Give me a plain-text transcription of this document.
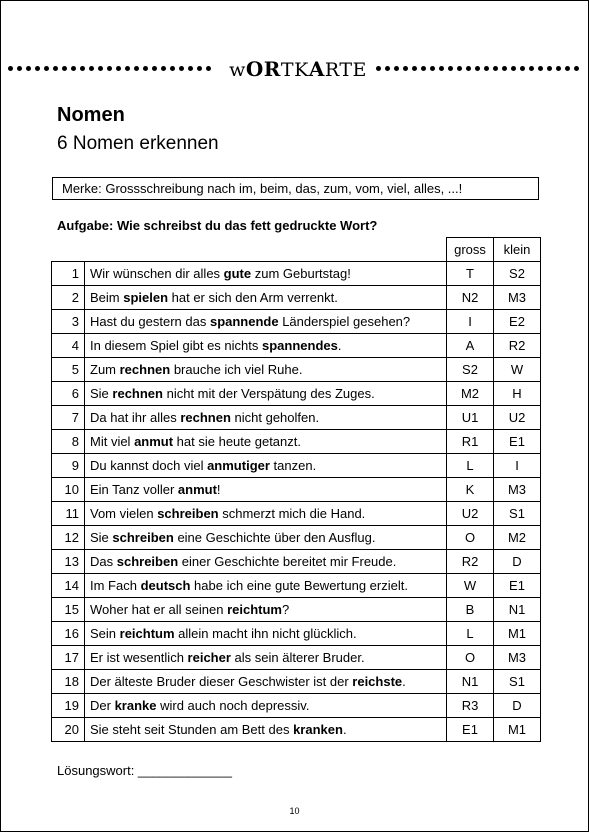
wORTKARTE
Nomen
6 Nomen erkennen
Merke: Grossschreibung nach im, beim, das, zum, vom, viel, alles, ...!
Aufgabe: Wie schreibst du das fett gedruckte Wort?
		gross	klein
1	Wir wünschen dir alles gute zum Geburtstag!	T	S2
2	Beim spielen hat er sich den Arm verrenkt.	N2	M3
3	Hast du gestern das spannende Länderspiel gesehen?	I	E2
4	In diesem Spiel gibt es nichts spannendes.	A	R2
5	Zum rechnen brauche ich viel Ruhe.	S2	W
6	Sie rechnen nicht mit der Verspätung des Zuges.	M2	H
7	Da hat ihr alles rechnen nicht geholfen.	U1	U2
8	Mit viel anmut hat sie heute getanzt.	R1	E1
9	Du kannst doch viel anmutiger tanzen.	L	I
10	Ein Tanz voller anmut!	K	M3
11	Vom vielen schreiben schmerzt mich die Hand.	U2	S1
12	Sie schreiben eine Geschichte über den Ausflug.	O	M2
13	Das schreiben einer Geschichte bereitet mir Freude.	R2	D
14	Im Fach deutsch habe ich eine gute Bewertung erzielt.	W	E1
15	Woher hat er all seinen reichtum?	B	N1
16	Sein reichtum allein macht ihn nicht glücklich.	L	M1
17	Er ist wesentlich reicher als sein älterer Bruder.	O	M3
18	Der älteste Bruder dieser Geschwister ist der reichste.	N1	S1
19	Der kranke wird auch noch depressiv.	R3	D
20	Sie steht seit Stunden am Bett des kranken.	E1	M1
Lösungswort: _____________
10
